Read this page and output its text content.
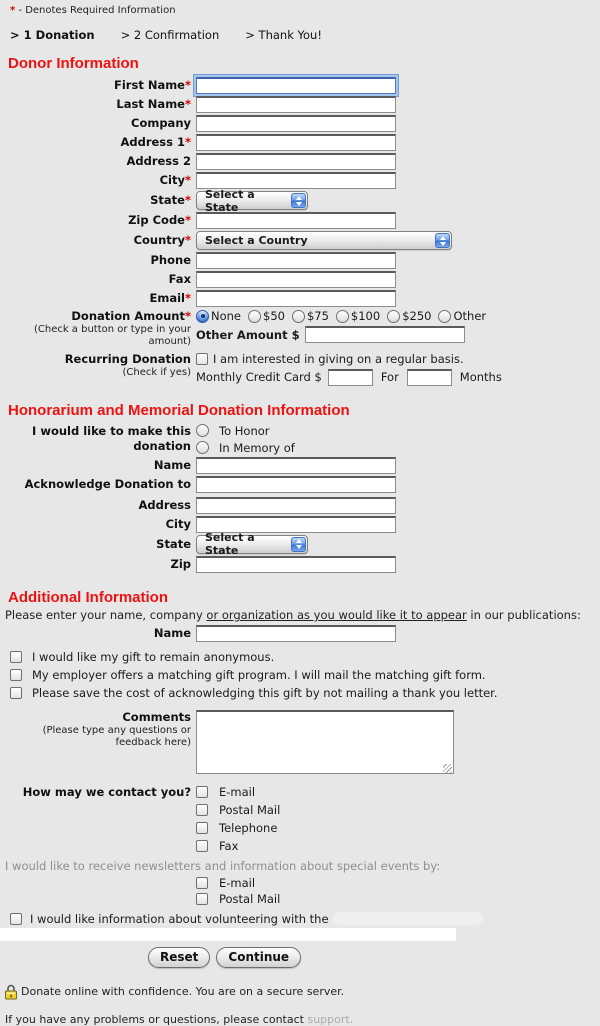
* - Denotes Required Information
> 1 Donation > 2 Confirmation > Thank You!
Donor Information
First Name*
Last Name*
Company
Address 1*
Address 2
City*
State*	Select a State
Zip Code*
Country*	Select a Country
Phone
Fax
Email*
Donation Amount*
(Check a button or type in your amount)
None $50 $75 $100 $250 Other
Other Amount $
Recurring Donation
(Check if yes)
I am interested in giving on a regular basis.
Monthly Credit Card $	For	Months
Honorarium and Memorial Donation Information
I would like to make this donation
To Honor
In Memory of
Name
Acknowledge Donation to
Address
City
State	Select a State
Zip
Additional Information
Please enter your name, company or organization as you would like it to appear in our publications:
Name
I would like my gift to remain anonymous.
My employer offers a matching gift program. I will mail the matching gift form.
Please save the cost of acknowledging this gift by not mailing a thank you letter.
Comments
(Please type any questions or feedback here)
How may we contact you?	E-mail
Postal Mail
Telephone
Fax
I would like to receive newsletters and information about special events by:
E-mail
Postal Mail
I would like information about volunteering with the
Reset	Continue
Donate online with confidence. You are on a secure server.
If you have any problems or questions, please contact support.
